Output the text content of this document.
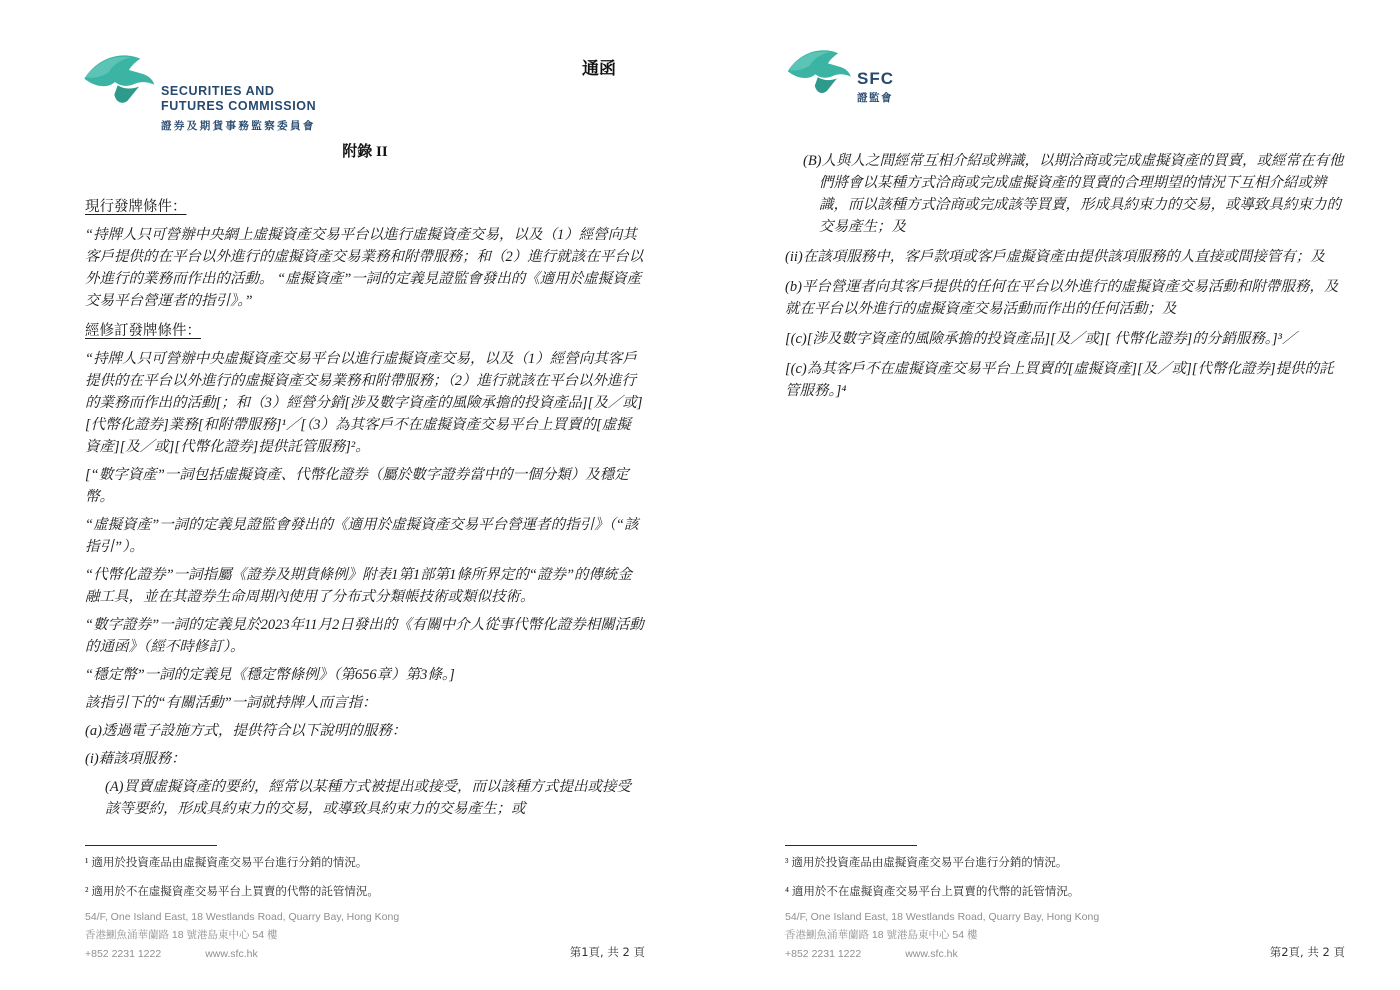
SECURITIES AND
FUTURES COMMISSION
證券及期貨事務監察委員會
通函
附錄 II

現行發牌條件：

“持牌人只可營辦中央網上虛擬資產交易平台以進行虛擬資產交易，以及（1）經營向其客戶提供的在平台以外進行的虛擬資產交易業務和附帶服務；和（2）進行就該在平台以外進行的業務而作出的活動。 “虛擬資產”一詞的定義見證監會發出的《適用於虛擬資產交易平台營運者的指引》。”

經修訂發牌條件：

“持牌人只可營辦中央虛擬資產交易平台以進行虛擬資產交易，以及（1）經營向其客戶提供的在平台以外進行的虛擬資產交易業務和附帶服務；（2）進行就該在平台以外進行的業務而作出的活動[；和（3）經營分銷[涉及數字資產的風險承擔的投資產品][及／或] [代幣化證券]業務[和附帶服務]¹／[（3）為其客戶不在虛擬資產交易平台上買賣的[虛擬資產][及／或][代幣化證券]提供託管服務]²。

[“數字資產”一詞包括虛擬資產、代幣化證券（屬於數字證券當中的一個分類）及穩定幣。

“虛擬資產”一詞的定義見證監會發出的《適用於虛擬資產交易平台營運者的指引》（“該指引”）。

“代幣化證券”一詞指屬《證券及期貨條例》附表1第1部第1條所界定的“證券”的傳統金融工具，並在其證券生命周期內使用了分布式分類帳技術或類似技術。

“數字證券”一詞的定義見於2023年11月2日發出的《有關中介人從事代幣化證券相關活動的通函》（經不時修訂）。

“穩定幣”一詞的定義見《穩定幣條例》（第656章）第3條。]

該指引下的“有關活動”一詞就持牌人而言指：

(a)透過電子設施方式，提供符合以下說明的服務：

(i)藉該項服務：

(A)買賣虛擬資產的要約，經常以某種方式被提出或接受，而以該種方式提出或接受該等要約，形成具約束力的交易，或導致具約束力的交易產生；或

¹ 適用於投資產品由虛擬資產交易平台進行分銷的情況。

² 適用於不在虛擬資產交易平台上買賣的代幣的託管情況。

54/F, One Island East, 18 Westlands Road, Quarry Bay, Hong Kong
香港鰂魚涌華蘭路 18 號港島東中心 54 樓
+852 2231 1222	www.sfc.hk	第1頁, 共 2 頁
SFC
證監會

(B)人與人之間經常互相介紹或辨識，以期洽商或完成虛擬資產的買賣，或經常在有他們將會以某種方式洽商或完成虛擬資產的買賣的合理期望的情況下互相介紹或辨識，而以該種方式洽商或完成該等買賣，形成具約束力的交易，或導致具約束力的交易產生；及

(ii)在該項服務中，客戶款項或客戶虛擬資產由提供該項服務的人直接或間接管有；及

(b)平台營運者向其客戶提供的任何在平台以外進行的虛擬資產交易活動和附帶服務，及就在平台以外進行的虛擬資產交易活動而作出的任何活動；及

[(c)[涉及數字資產的風險承擔的投資產品][及／或][ 代幣化證券]的分銷服務。]³／

[(c)為其客戶不在虛擬資產交易平台上買賣的[虛擬資產][及／或][代幣化證券]提供的託管服務。]⁴

³ 適用於投資產品由虛擬資產交易平台進行分銷的情況。

⁴ 適用於不在虛擬資產交易平台上買賣的代幣的託管情況。

54/F, One Island East, 18 Westlands Road, Quarry Bay, Hong Kong
香港鰂魚涌華蘭路 18 號港島東中心 54 樓
+852 2231 1222	www.sfc.hk	第2頁, 共 2 頁
